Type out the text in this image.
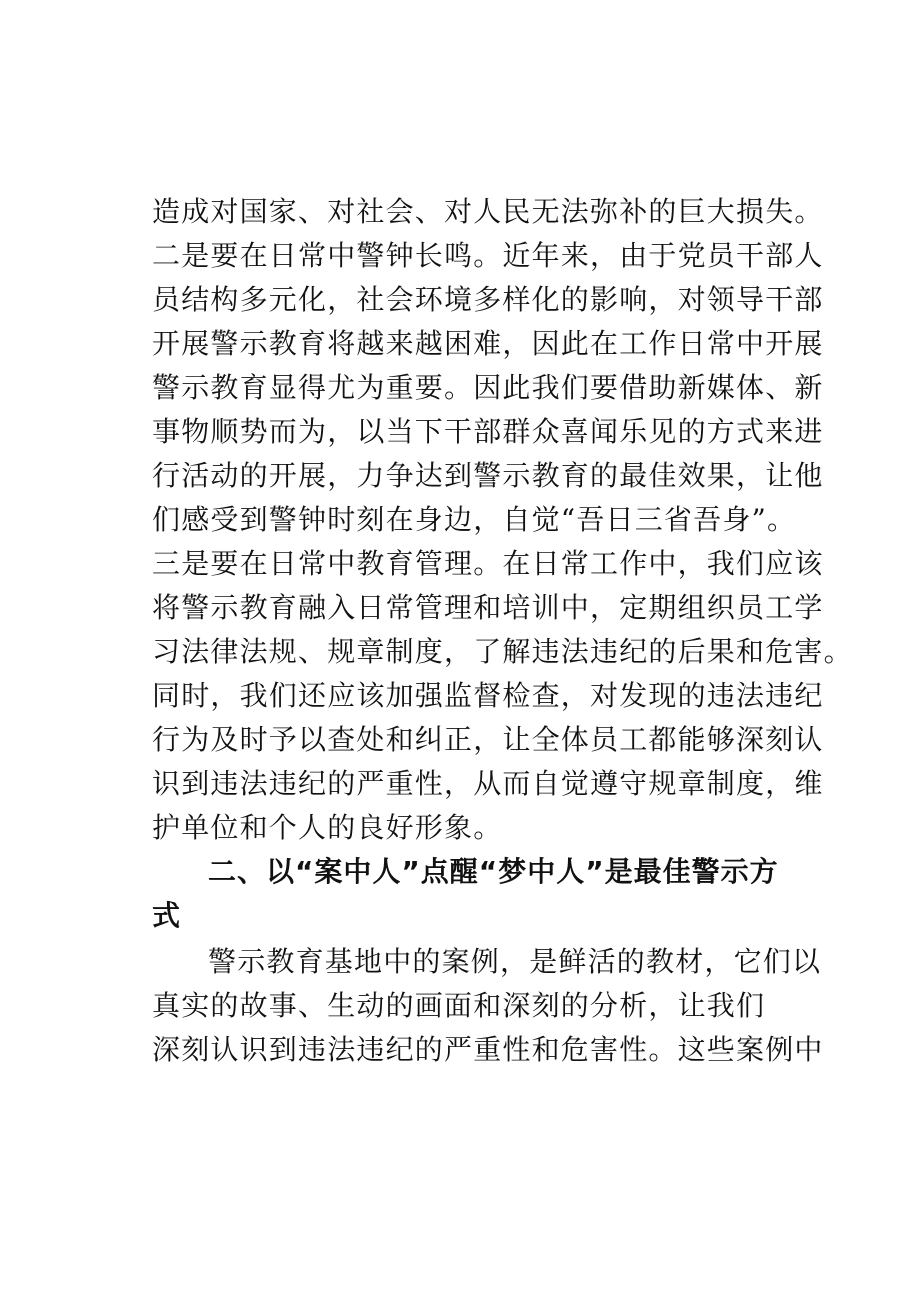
造成对国家、对社会、对人民无法弥补的巨大损失。
二是要在日常中警钟长鸣。近年来，由于党员干部人
员结构多元化，社会环境多样化的影响，对领导干部
开展警示教育将越来越困难，因此在工作日常中开展
警示教育显得尤为重要。因此我们要借助新媒体、新
事物顺势而为，以当下干部群众喜闻乐见的方式来进
行活动的开展，力争达到警示教育的最佳效果，让他
们感受到警钟时刻在身边，自觉“吾日三省吾身”。
三是要在日常中教育管理。在日常工作中，我们应该
将警示教育融入日常管理和培训中，定期组织员工学
习法律法规、规章制度，了解违法违纪的后果和危害。
同时，我们还应该加强监督检查，对发现的违法违纪
行为及时予以查处和纠正，让全体员工都能够深刻认
识到违法违纪的严重性，从而自觉遵守规章制度，维
护单位和个人的良好形象。
二、以“案中人”点醒“梦中人”是最佳警示方
式
警示教育基地中的案例，是鲜活的教材，它们以
真实的故事、生动的画面和深刻的分析，让我们
深刻认识到违法违纪的严重性和危害性。这些案例中
